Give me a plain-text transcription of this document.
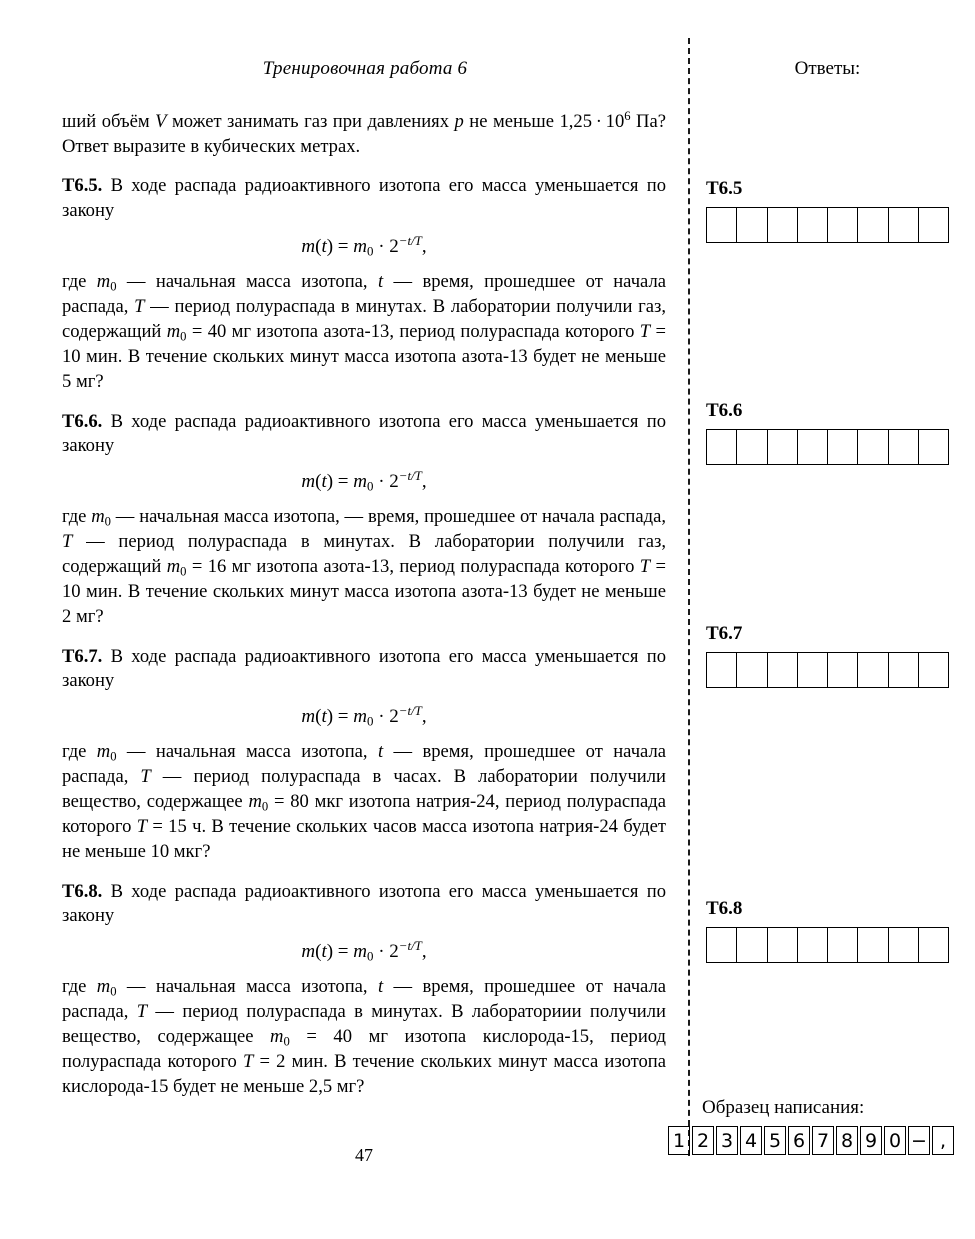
Тренировочная работа 6	Ответы:

ший объём V может занимать газ при давлениях p не меньше $1,25 \cdot 10^6$ Па? Ответ выразите в кубических метрах.

Т6.5. В ходе распада радиоактивного изотопа его масса уменьшается по закону

$m(t) = m_0 \cdot 2^{-t/T}$,

где $m_0$ — начальная масса изотопа, t — время, прошедшее от начала распада, T — период полураспада в минутах. В лаборатории получили газ, содержащий $m_0 = 40$ мг изотопа азота-13, период полураспада которого T = 10 мин. В течение скольких минут масса изотопа азота-13 будет не меньше 5 мг?

Т6.6. В ходе распада радиоактивного изотопа его масса уменьшается по закону

$m(t) = m_0 \cdot 2^{-t/T}$,

где $m_0$ — начальная масса изотопа, — время, прошедшее от начала распада, T — период полураспада в минутах. В лаборатории получили газ, содержащий $m_0 = 16$ мг изотопа азота-13, период полураспада которого T = 10 мин. В течение скольких минут масса изотопа азота-13 будет не меньше 2 мг?

Т6.7. В ходе распада радиоактивного изотопа его масса уменьшается по закону

$m(t) = m_0 \cdot 2^{-t/T}$,

где $m_0$ — начальная масса изотопа, t — время, прошедшее от начала распада, T — период полураспада в часах. В лаборатории получили вещество, содержащее $m_0 = 80$ мкг изотопа натрия-24, период полураспада которого T = 15 ч. В течение скольких часов масса изотопа натрия-24 будет не меньше 10 мкг?

Т6.8. В ходе распада радиоактивного изотопа его масса уменьшается по закону

$m(t) = m_0 \cdot 2^{-t/T}$,

где $m_0$ — начальная масса изотопа, t — время, прошедшее от начала распада, T — период полураспада в минутах. В лабораториии получили вещество, содержащее $m_0 = 40$ мг изотопа кислорода-15, период полураспада которого T = 2 мин. В течение скольких минут масса изотопа кислорода-15 будет не меньше 2,5 мг?

47
Т6.5
Т6.6
Т6.7
Т6.8
Образец написания:
1 2 3 4 5 6 7 8 9 0 − ,
